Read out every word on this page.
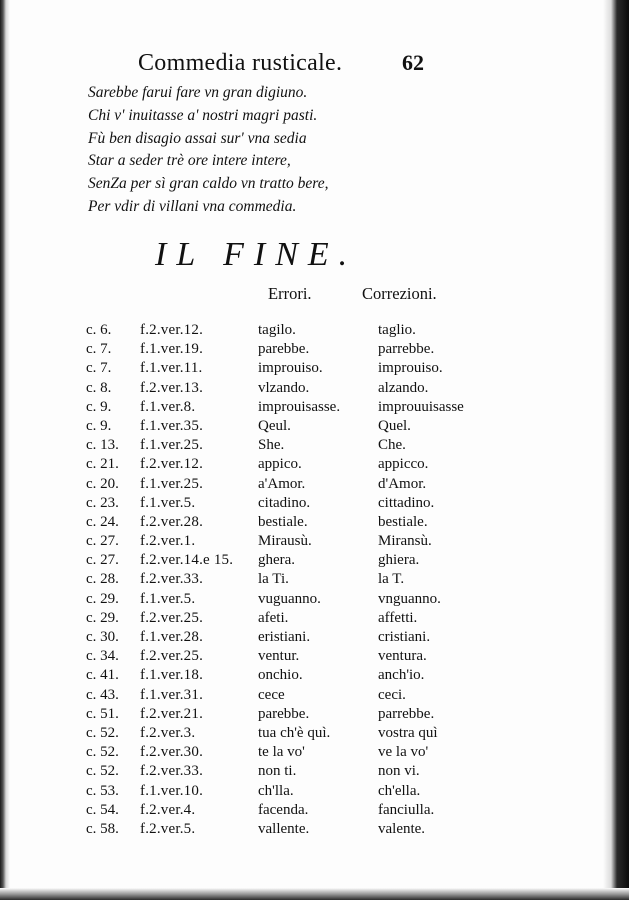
Commedia rusticale.	62
Sarebbe farui fare vn gran digiuno.
Chi v' inuitasse a' nostri magri pasti.
Fù ben disagio assai sur' vna sedia
Star a seder trè ore intere intere,
SenZa per sì gran caldo vn tratto bere,
Per vdir di villani vna commedia.
IL FINE.
Errori.	Correzioni.
c. 6.	f.2.ver.12.	tagilo.	taglio.
c. 7.	f.1.ver.19.	parebbe.	parrebbe.
c. 7.	f.1.ver.11.	improuiso.	improuiso.
c. 8.	f.2.ver.13.	vlzando.	alzando.
c. 9.	f.1.ver.8.	improuisasse.	improuuisasse
c. 9.	f.1.ver.35.	Qeul.	Quel.
c. 13.	f.1.ver.25.	She.	Che.
c. 21.	f.2.ver.12.	appico.	appicco.
c. 20.	f.1.ver.25.	a'Amor.	d'Amor.
c. 23.	f.1.ver.5.	citadino.	cittadino.
c. 24.	f.2.ver.28.	bestiale.	bestiale.
c. 27.	f.2.ver.1.	Mirausù.	Miransù.
c. 27.	f.2.ver.14.e 15.	ghera.	ghiera.
c. 28.	f.2.ver.33.	la Ti.	la T.
c. 29.	f.1.ver.5.	vuguanno.	vnguanno.
c. 29.	f.2.ver.25.	afeti.	affetti.
c. 30.	f.1.ver.28.	eristiani.	cristiani.
c. 34.	f.2.ver.25.	ventur.	ventura.
c. 41.	f.1.ver.18.	onchio.	anch'io.
c. 43.	f.1.ver.31.	cece	ceci.
c. 51.	f.2.ver.21.	parebbe.	parrebbe.
c. 52.	f.2.ver.3.	tua ch'è quì.	vostra quì
c. 52.	f.2.ver.30.	te la vo'	ve la vo'
c. 52.	f.2.ver.33.	non ti.	non vi.
c. 53.	f.1.ver.10.	ch'lla.	ch'ella.
c. 54.	f.2.ver.4.	facenda.	fanciulla.
c. 58.	f.2.ver.5.	vallente.	valente.
